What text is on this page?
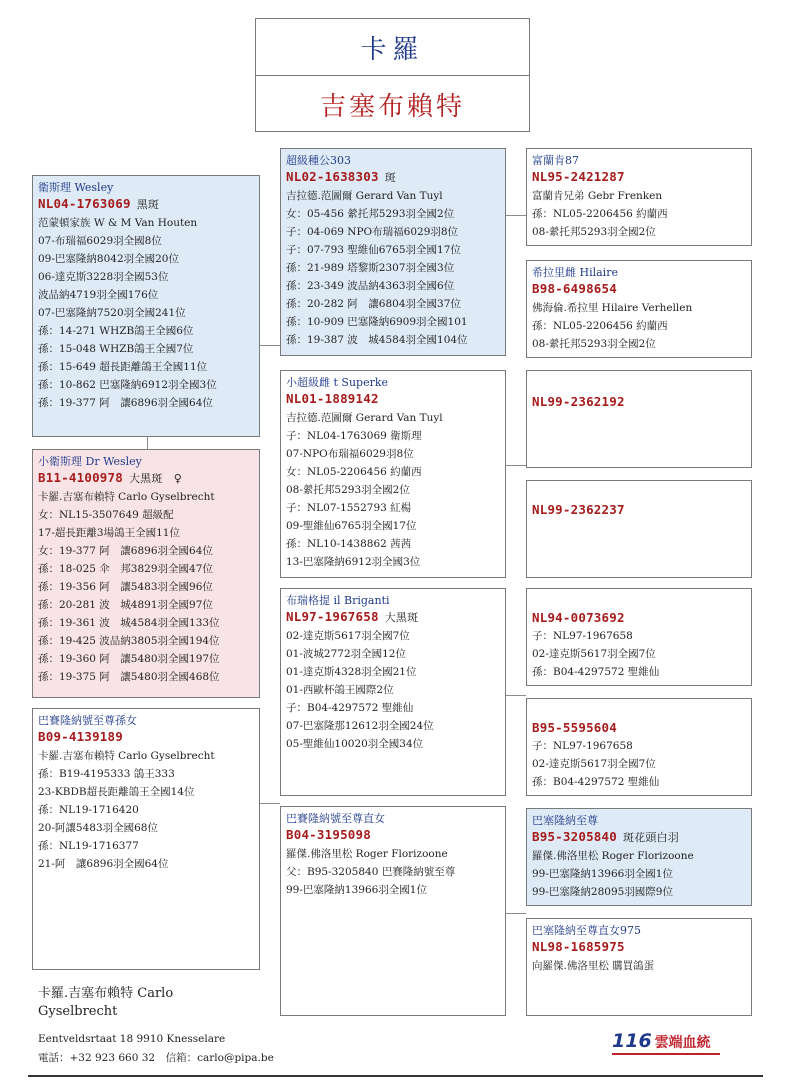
卡羅
吉塞布賴特
衛斯理 Wesley
NL04-1763069 黑斑
范蒙頓家族 W & M Van Houten
07-布瑞福6029羽全國8位
09-巴塞隆納8042羽全國20位
06-達克斯3228羽全國53位
波品納4719羽全國176位
07-巴塞隆納7520羽全國241位
孫：14-271 WHZB鴿王全國6位
孫：15-048 WHZB鴿王全國7位
孫：15-649 超長距離鴿王全國11位
孫：10-862 巴塞隆納6912羽全國3位
孫：19-377 阿　讓6896羽全國64位
小衛斯理 Dr Wesley
B11-4100978 大黑斑　♀
卡羅.吉塞布賴特 Carlo Gyselbrecht
女：NL15-3507649 超級配
17-超長距離3場鴿王全國11位
女：19-377 阿　讓6896羽全國64位
孫：18-025 伞　邦3829羽全國47位
孫：19-356 阿　讓5483羽全國96位
孫：20-281 波　城4891羽全國97位
孫：19-361 波　城4584羽全國133位
孫：19-425 波品納3805羽全國194位
孫：19-360 阿　讓5480羽全國197位
孫：19-375 阿　讓5480羽全國468位
巴賽隆納號至尊孫女
B09-4139189
卡羅.吉塞布賴特 Carlo Gyselbrecht
孫：B19-4195333 鴿王333
23-KBDB超長距離鴿王全國14位
孫：NL19-1716420
20-阿讓5483羽全國68位
孫：NL19-1716377
21-阿　讓6896羽全國64位
超級種公303
NL02-1638303 斑
吉拉德.范圖爾 Gerard Van Tuyl
女：05-456 縈托邦5293羽全國2位
子：04-069 NPO布瑞福6029羽8位
子：07-793 聖維仙6765羽全國17位
孫：21-989 塔黎斯2307羽全國3位
孫：23-349 波品納4363羽全國6位
孫：20-282 阿　讓6804羽全國37位
孫：10-909 巴塞隆納6909羽全國101
孫：19-387 波　城4584羽全國104位
小超級雌 t Superke
NL01-1889142
吉拉德.范圖爾 Gerard Van Tuyl
子：NL04-1763069 衛斯理
07-NPO布瑞福6029羽8位
女：NL05-2206456 約蘭西
08-縈托邦5293羽全國2位
子：NL07-1552793 紅楊
09-聖維仙6765羽全國17位
孫：NL10-1438862 茜茜
13-巴塞隆納6912羽全國3位
布瑞格提 il Briganti
NL97-1967658 大黑斑
02-達克斯5617羽全國7位
01-波城2772羽全國12位
01-達克斯4328羽全國21位
01-西歐杯鴿王國際2位
子：B04-4297572 聖維仙
07-巴塞隆那12612羽全國24位
05-聖維仙10020羽全國34位
巴賽隆納號至尊直女
B04-3195098
羅傑.佛洛里松 Roger Florizoone
父：B95-3205840 巴賽隆納號至尊
99-巴塞隆納13966羽全國1位
富蘭肯87
NL95-2421287
富蘭肯兄弟 Gebr Frenken
孫：NL05-2206456 約蘭西
08-縈托邦5293羽全國2位
希拉里雌 Hilaire
B98-6498654
佛海倫.希拉里 Hilaire Verhellen
孫：NL05-2206456 約蘭西
08-縈托邦5293羽全國2位
NL99-2362192
NL99-2362237
NL94-0073692
子：NL97-1967658
02-達克斯5617羽全國7位
孫：B04-4297572 聖維仙
B95-5595604
子：NL97-1967658
02-達克斯5617羽全國7位
孫：B04-4297572 聖維仙
巴塞隆納至尊
B95-3205840 斑花頭白羽
羅傑.佛洛里松 Roger Florizoone
99-巴塞隆納13966羽全國1位
99-巴塞隆納28095羽國際9位
巴塞隆納至尊直女975
NL98-1685975
向羅傑.佛洛里松 購買鴿蛋
卡羅.吉塞布賴特 Carlo Gyselbrecht
Eentveldsrtaat 18 9910 Knesselare
電話：+32 923 660 32　信箱：carlo@pipa.be
116 雲端血統
